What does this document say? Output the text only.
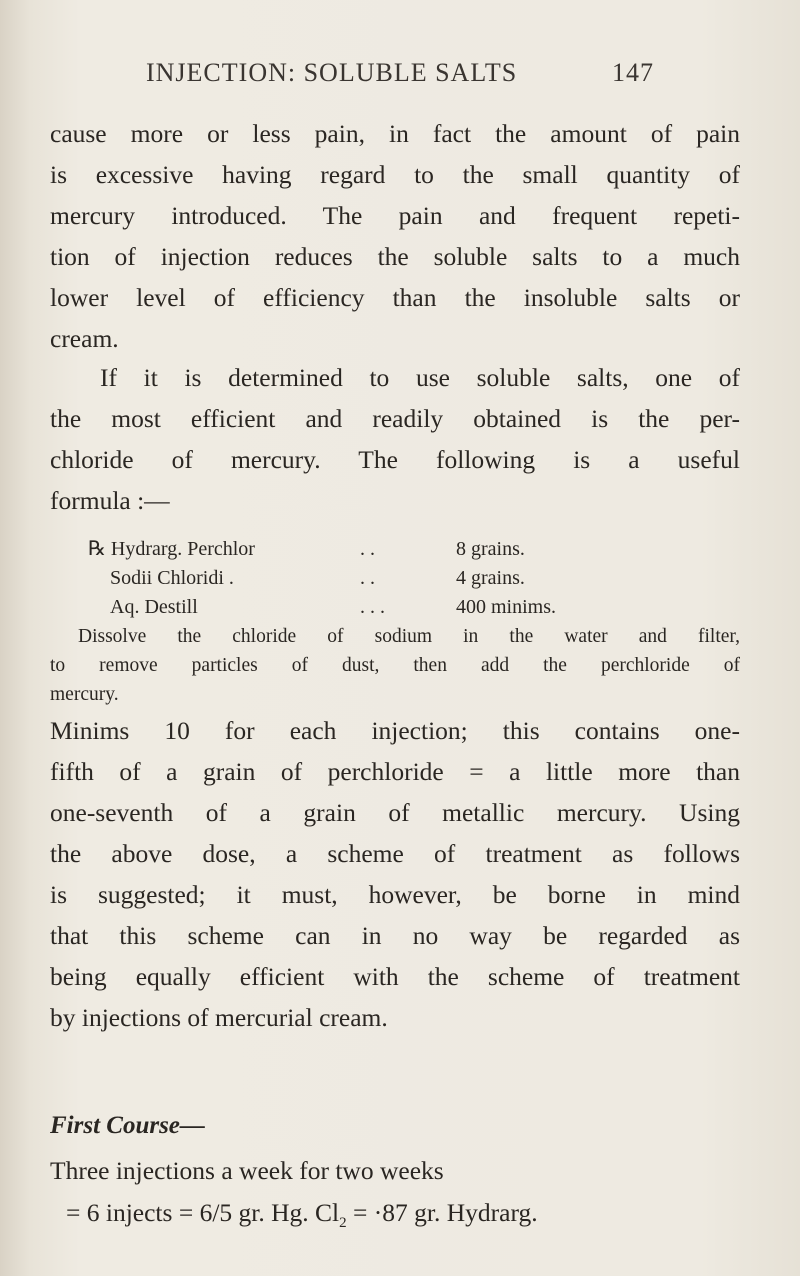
INJECTION: SOLUBLE SALTS	147
cause more or less pain, in fact the amount of pain
is excessive having regard to the small quantity of
mercury introduced. The pain and frequent repeti-
tion of injection reduces the soluble salts to a much
lower level of efficiency than the insoluble salts or
cream.
If it is determined to use soluble salts, one of
the most efficient and readily obtained is the per-
chloride of mercury. The following is a useful
formula :—
℞ Hydrarg. Perchlor	. .	8 grains.
Sodii Chloridi .	. .	4 grains.
Aq. Destill	. . .	400 minims.
Dissolve the chloride of sodium in the water and filter,
to remove particles of dust, then add the perchloride of
mercury.
Minims 10 for each injection; this contains one-
fifth of a grain of perchloride = a little more than
one-seventh of a grain of metallic mercury. Using
the above dose, a scheme of treatment as follows
is suggested; it must, however, be borne in mind
that this scheme can in no way be regarded as
being equally efficient with the scheme of treatment
by injections of mercurial cream.
First Course—
Three injections a week for two weeks
= 6 injects = 6/5 gr. Hg. $Cl_2 = \cdot 87$ gr. Hydrarg.
